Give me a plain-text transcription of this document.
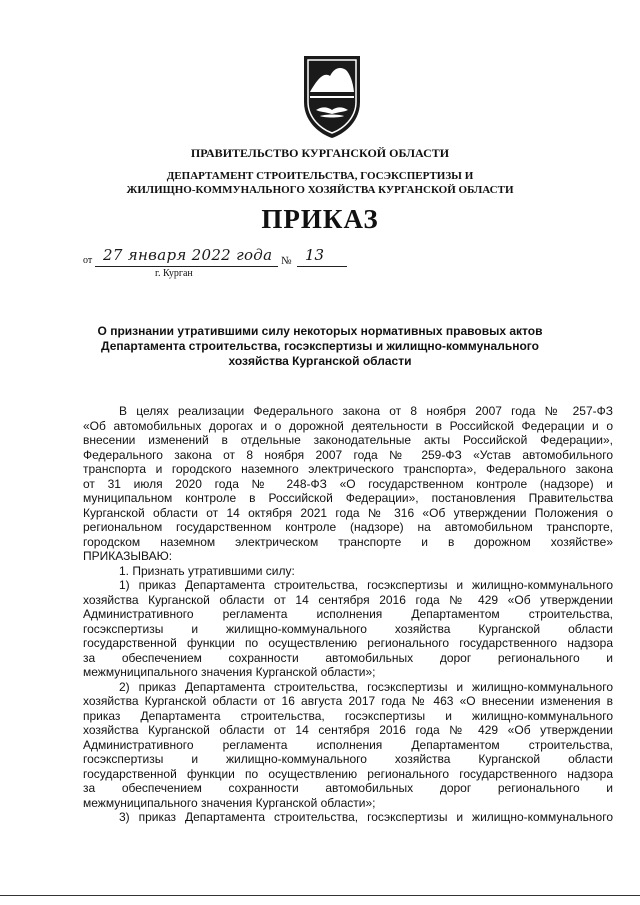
ПРАВИТЕЛЬСТВО КУРГАНСКОЙ ОБЛАСТИ
ДЕПАРТАМЕНТ СТРОИТЕЛЬСТВА, ГОСЭКСПЕРТИЗЫ И
ЖИЛИЩНО-КОММУНАЛЬНОГО ХОЗЯЙСТВА КУРГАНСКОЙ ОБЛАСТИ
ПРИКАЗ
от 27 января 2022 года № 13
г. Курган
О признании утратившими силу некоторых нормативных правовых актов
Департамента строительства, госэкспертизы и жилищно-коммунального
хозяйства Курганской области
В целях реализации Федерального закона от 8 ноября 2007 года № 257-ФЗ
«Об автомобильных дорогах и о дорожной деятельности в Российской Федерации и о
внесении изменений в отдельные законодательные акты Российской Федерации»,
Федерального закона от 8 ноября 2007 года № 259-ФЗ «Устав автомобильного
транспорта и городского наземного электрического транспорта», Федерального закона
от 31 июля 2020 года № 248-ФЗ «О государственном контроле (надзоре) и
муниципальном контроле в Российской Федерации», постановления Правительства
Курганской области от 14 октября 2021 года № 316 «Об утверждении Положения о
региональном государственном контроле (надзоре) на автомобильном транспорте,
городском наземном электрическом транспорте и в дорожном хозяйстве»
ПРИКАЗЫВАЮ:
1. Признать утратившими силу:
1) приказ Департамента строительства, госэкспертизы и жилищно-коммунального
хозяйства Курганской области от 14 сентября 2016 года № 429 «Об утверждении
Административного регламента исполнения Департаментом строительства,
госэкспертизы и жилищно-коммунального хозяйства Курганской области
государственной функции по осуществлению регионального государственного надзора
за обеспечением сохранности автомобильных дорог регионального и
межмуниципального значения Курганской области»;
2) приказ Департамента строительства, госэкспертизы и жилищно-коммунального
хозяйства Курганской области от 16 августа 2017 года № 463 «О внесении изменения в
приказ Департамента строительства, госэкспертизы и жилищно-коммунального
хозяйства Курганской области от 14 сентября 2016 года № 429 «Об утверждении
Административного регламента исполнения Департаментом строительства,
госэкспертизы и жилищно-коммунального хозяйства Курганской области
государственной функции по осуществлению регионального государственного надзора
за обеспечением сохранности автомобильных дорог регионального и
межмуниципального значения Курганской области»;
3) приказ Департамента строительства, госэкспертизы и жилищно-коммунального
